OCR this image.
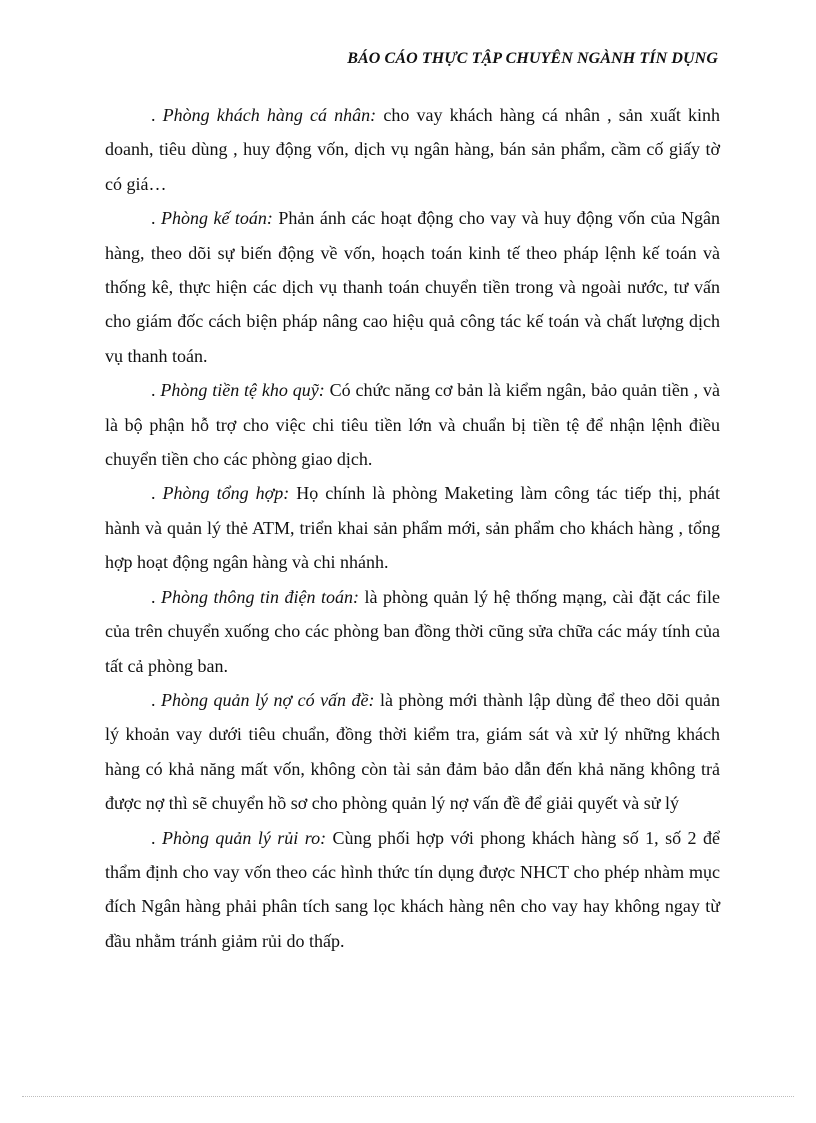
BÁO CÁO THỰC TẬP CHUYÊN NGÀNH TÍN DỤNG

. Phòng khách hàng cá nhân: cho vay khách hàng cá nhân , sản xuất kinh doanh, tiêu dùng , huy động vốn, dịch vụ ngân hàng, bán sản phẩm, cầm cố giấy tờ có giá…

. Phòng kế toán: Phản ánh các hoạt động cho vay và huy động vốn của Ngân hàng, theo dõi sự biến động về vốn, hoạch toán kinh tế theo pháp lệnh kế toán và thống kê, thực hiện các dịch vụ thanh toán chuyển tiền trong và ngoài nước, tư vấn cho giám đốc cách biện pháp nâng cao hiệu quả công tác kế toán và chất lượng dịch vụ thanh toán.

. Phòng tiền tệ kho quỹ: Có chức năng cơ bản là kiểm ngân, bảo quản tiền , và là bộ phận hỗ trợ cho việc chi tiêu tiền lớn và chuẩn bị tiền tệ để nhận lệnh điều chuyển tiền cho các phòng giao dịch.

. Phòng tổng hợp: Họ chính là phòng Maketing làm công tác tiếp thị, phát hành và quản lý thẻ ATM, triển khai sản phẩm mới, sản phẩm cho khách hàng , tổng hợp hoạt động ngân hàng và chi nhánh.

. Phòng thông tin điện toán: là phòng quản lý hệ thống mạng, cài đặt các file của trên chuyển xuống cho các phòng ban đồng thời cũng sửa chữa các máy tính của tất cả phòng ban.

. Phòng quản lý nợ có vấn đề: là phòng mới thành lập dùng để theo dõi quản lý khoản vay dưới tiêu chuẩn, đồng thời kiểm tra, giám sát và xử lý những khách hàng có khả năng mất vốn, không còn tài sản đảm bảo dẫn đến khả năng không trả được nợ thì sẽ chuyển hồ sơ cho phòng quản lý nợ vấn đề để giải quyết và sử lý

. Phòng quản lý rủi ro: Cùng phối hợp với phong khách hàng số 1, số 2 để thẩm định cho vay vốn theo các hình thức tín dụng được NHCT cho phép nhàm mục đích Ngân hàng phải phân tích sang lọc khách hàng nên cho vay hay không ngay từ đầu nhằm tránh giảm rủi do thấp.
